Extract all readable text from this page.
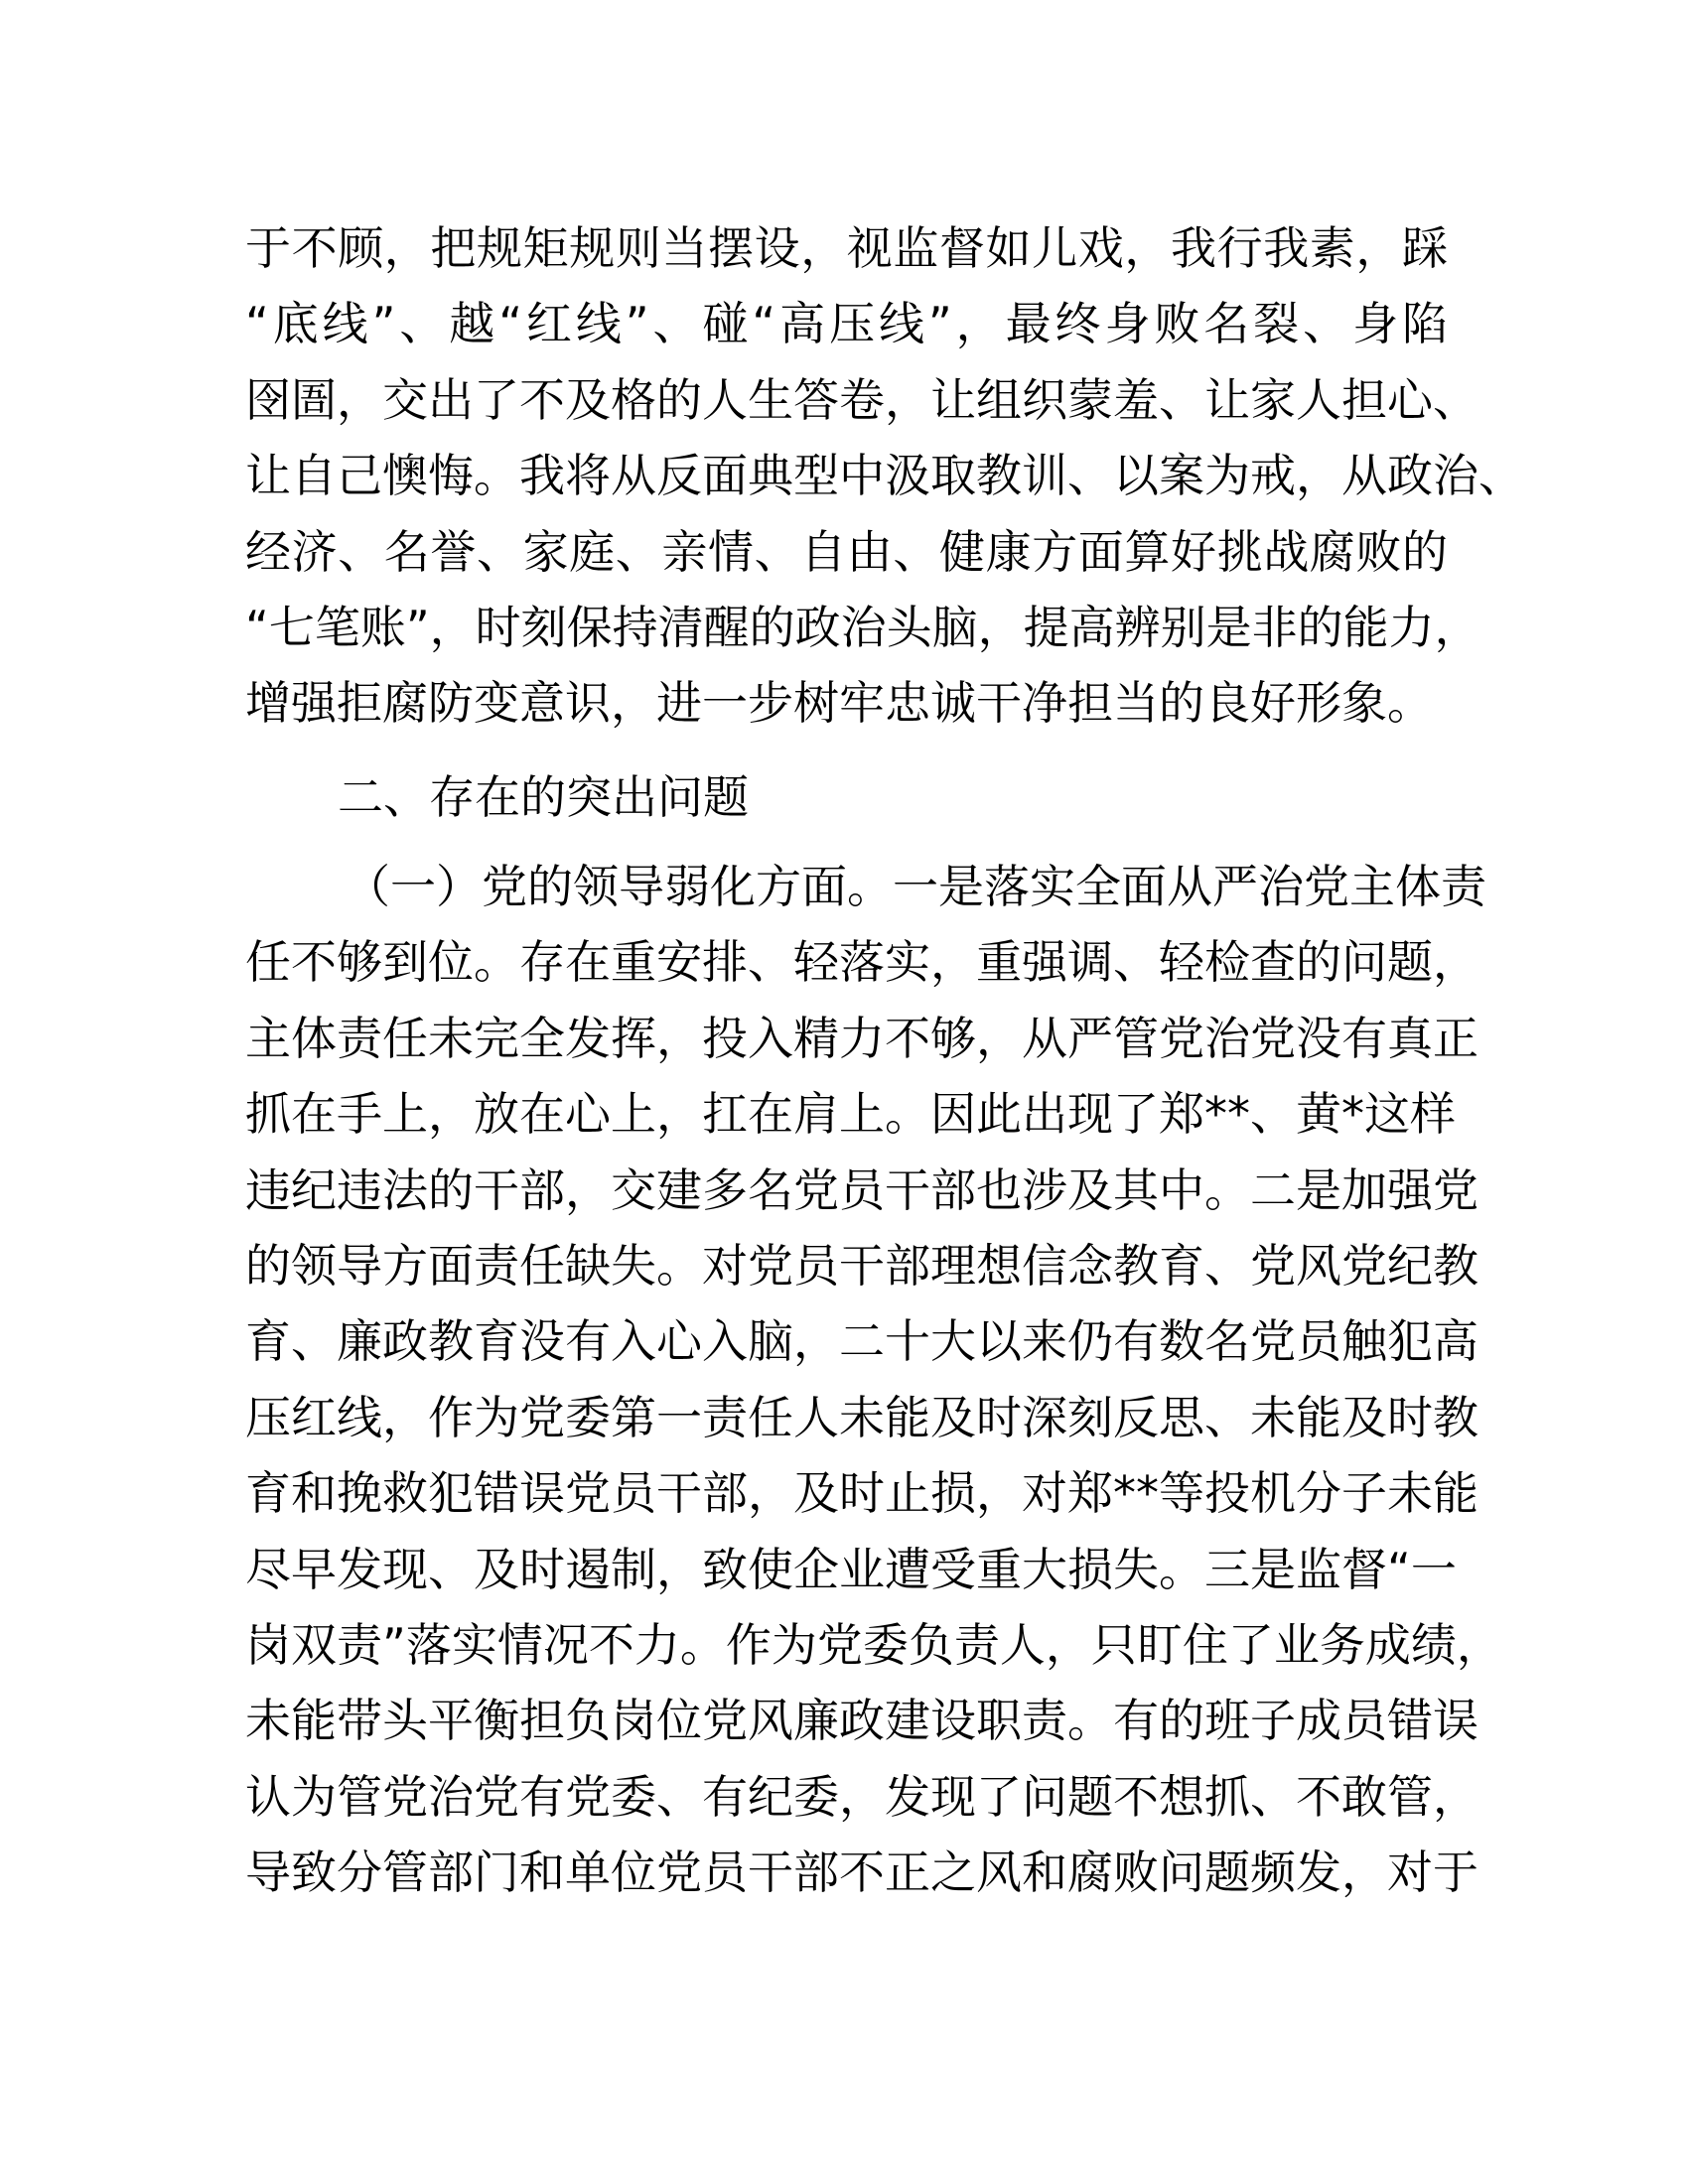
于不顾，把规矩规则当摆设，视监督如儿戏，我行我素，踩
“底线”、越“红线”、碰“高压线”，最终身败名裂、身陷
囹圄，交出了不及格的人生答卷，让组织蒙羞、让家人担心、
让自己懊悔。我将从反面典型中汲取教训、以案为戒，从政治、
经济、名誉、家庭、亲情、自由、健康方面算好挑战腐败的
“七笔账”，时刻保持清醒的政治头脑，提高辨别是非的能力，
增强拒腐防变意识，进一步树牢忠诚干净担当的良好形象。
二、存在的突出问题
（一）党的领导弱化方面。一是落实全面从严治党主体责
任不够到位。存在重安排、轻落实，重强调、轻检查的问题，
主体责任未完全发挥，投入精力不够，从严管党治党没有真正
抓在手上，放在心上，扛在肩上。因此出现了郑**、黄*这样
违纪违法的干部，交建多名党员干部也涉及其中。二是加强党
的领导方面责任缺失。对党员干部理想信念教育、党风党纪教
育、廉政教育没有入心入脑，二十大以来仍有数名党员触犯高
压红线，作为党委第一责任人未能及时深刻反思、未能及时教
育和挽救犯错误党员干部，及时止损，对郑**等投机分子未能
尽早发现、及时遏制，致使企业遭受重大损失。三是监督“一
岗双责”落实情况不力。作为党委负责人，只盯住了业务成绩，
未能带头平衡担负岗位党风廉政建设职责。有的班子成员错误
认为管党治党有党委、有纪委，发现了问题不想抓、不敢管，
导致分管部门和单位党员干部不正之风和腐败问题频发，对于
